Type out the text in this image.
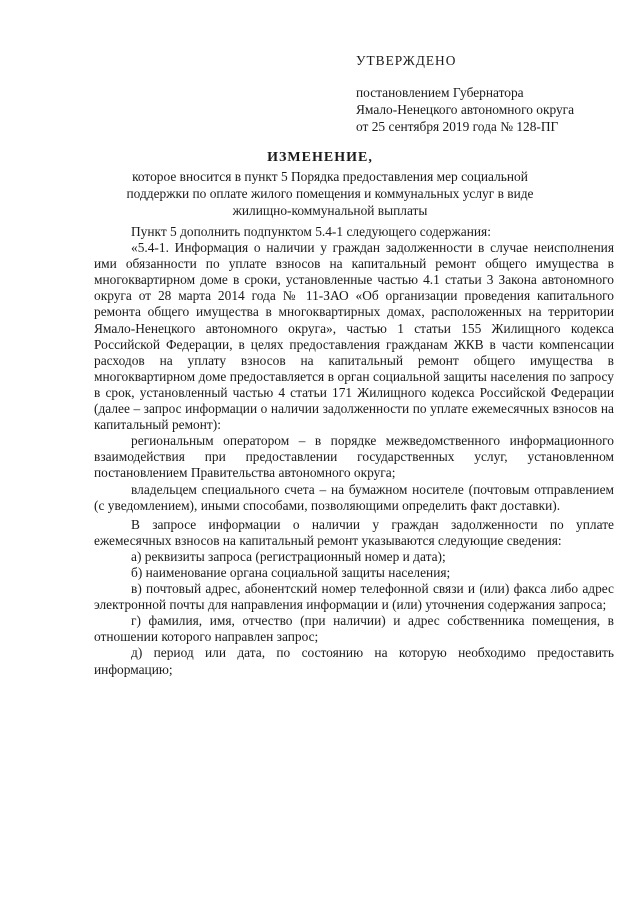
УТВЕРЖДЕНО
постановлением Губернатора
Ямало-Ненецкого автономного округа
от 25 сентября 2019 года № 128-ПГ
ИЗМЕНЕНИЕ,
которое вносится в пункт 5 Порядка предоставления мер социальной поддержки по оплате жилого помещения и коммунальных услуг в виде жилищно-коммунальной выплаты

Пункт 5 дополнить подпунктом 5.4-1 следующего содержания:

«5.4-1. Информация о наличии у граждан задолженности в случае неисполнения ими обязанности по уплате взносов на капитальный ремонт общего имущества в многоквартирном доме в сроки, установленные частью 4.1 статьи 3 Закона автономного округа от 28 марта 2014 года № 11-ЗАО «Об организации проведения капитального ремонта общего имущества в многоквартирных домах, расположенных на территории Ямало-Ненецкого автономного округа», частью 1 статьи 155 Жилищного кодекса Российской Федерации, в целях предоставления гражданам ЖКВ в части компенсации расходов на уплату взносов на капитальный ремонт общего имущества в многоквартирном доме предоставляется в орган социальной защиты населения по запросу в срок, установленный частью 4 статьи 171 Жилищного кодекса Российской Федерации (далее – запрос информации о наличии задолженности по уплате ежемесячных взносов на капитальный ремонт):

региональным оператором – в порядке межведомственного информационного взаимодействия при предоставлении государственных услуг, установленном постановлением Правительства автономного округа;

владельцем специального счета – на бумажном носителе (почтовым отправлением (с уведомлением), иными способами, позволяющими определить факт доставки).

В запросе информации о наличии у граждан задолженности по уплате ежемесячных взносов на капитальный ремонт указываются следующие сведения:

а) реквизиты запроса (регистрационный номер и дата);

б) наименование органа социальной защиты населения;

в) почтовый адрес, абонентский номер телефонной связи и (или) факса либо адрес электронной почты для направления информации и (или) уточнения содержания запроса;

г) фамилия, имя, отчество (при наличии) и адрес собственника помещения, в отношении которого направлен запрос;

д) период или дата, по состоянию на которую необходимо предоставить информацию;
